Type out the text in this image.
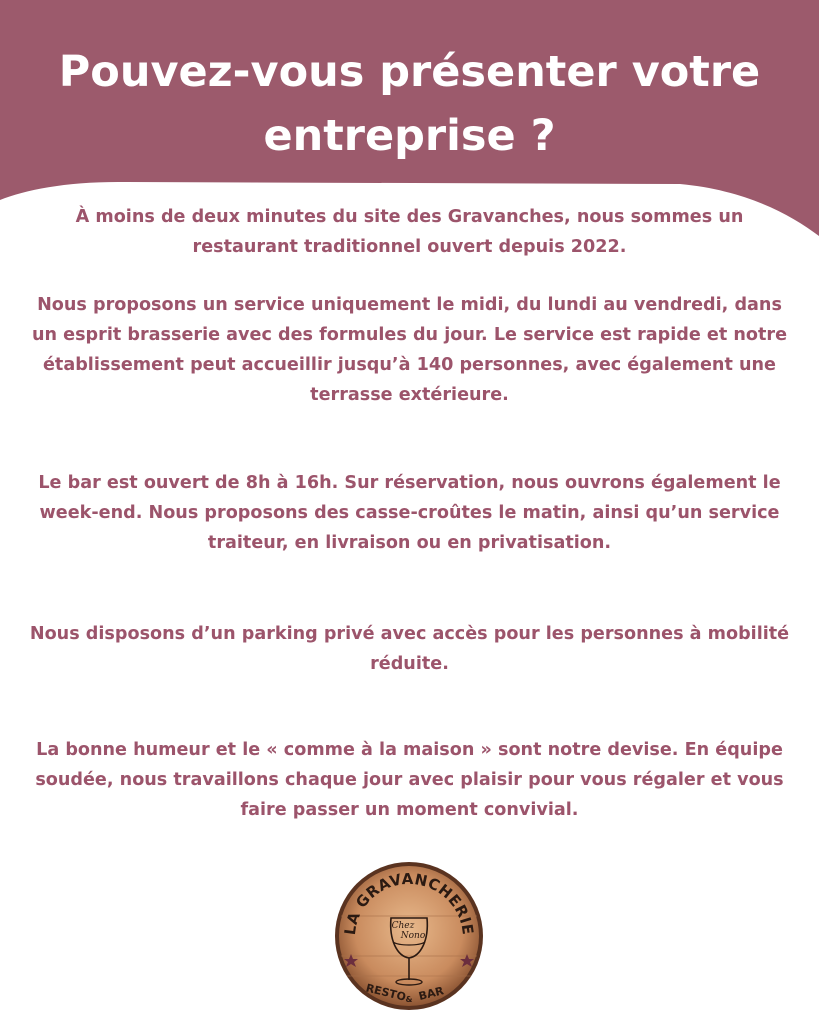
Pouvez-vous présenter votre
entreprise ?
À moins de deux minutes du site des Gravanches, nous sommes un
restaurant traditionnel ouvert depuis 2022.
Nous proposons un service uniquement le midi, du lundi au vendredi, dans
un esprit brasserie avec des formules du jour. Le service est rapide et notre
établissement peut accueillir jusqu’à 140 personnes, avec également une
terrasse extérieure.
Le bar est ouvert de 8h à 16h. Sur réservation, nous ouvrons également le
week-end. Nous proposons des casse-croûtes le matin, ainsi qu’un service
traiteur, en livraison ou en privatisation.
Nous disposons d’un parking privé avec accès pour les personnes à mobilité
réduite.
La bonne humeur et le « comme à la maison » sont notre devise. En équipe
soudée, nous travaillons chaque jour avec plaisir pour vous régaler et vous
faire passer un moment convivial.
LA GRAVANCHERIE
Chez
Nono
RESTO
& BAR
